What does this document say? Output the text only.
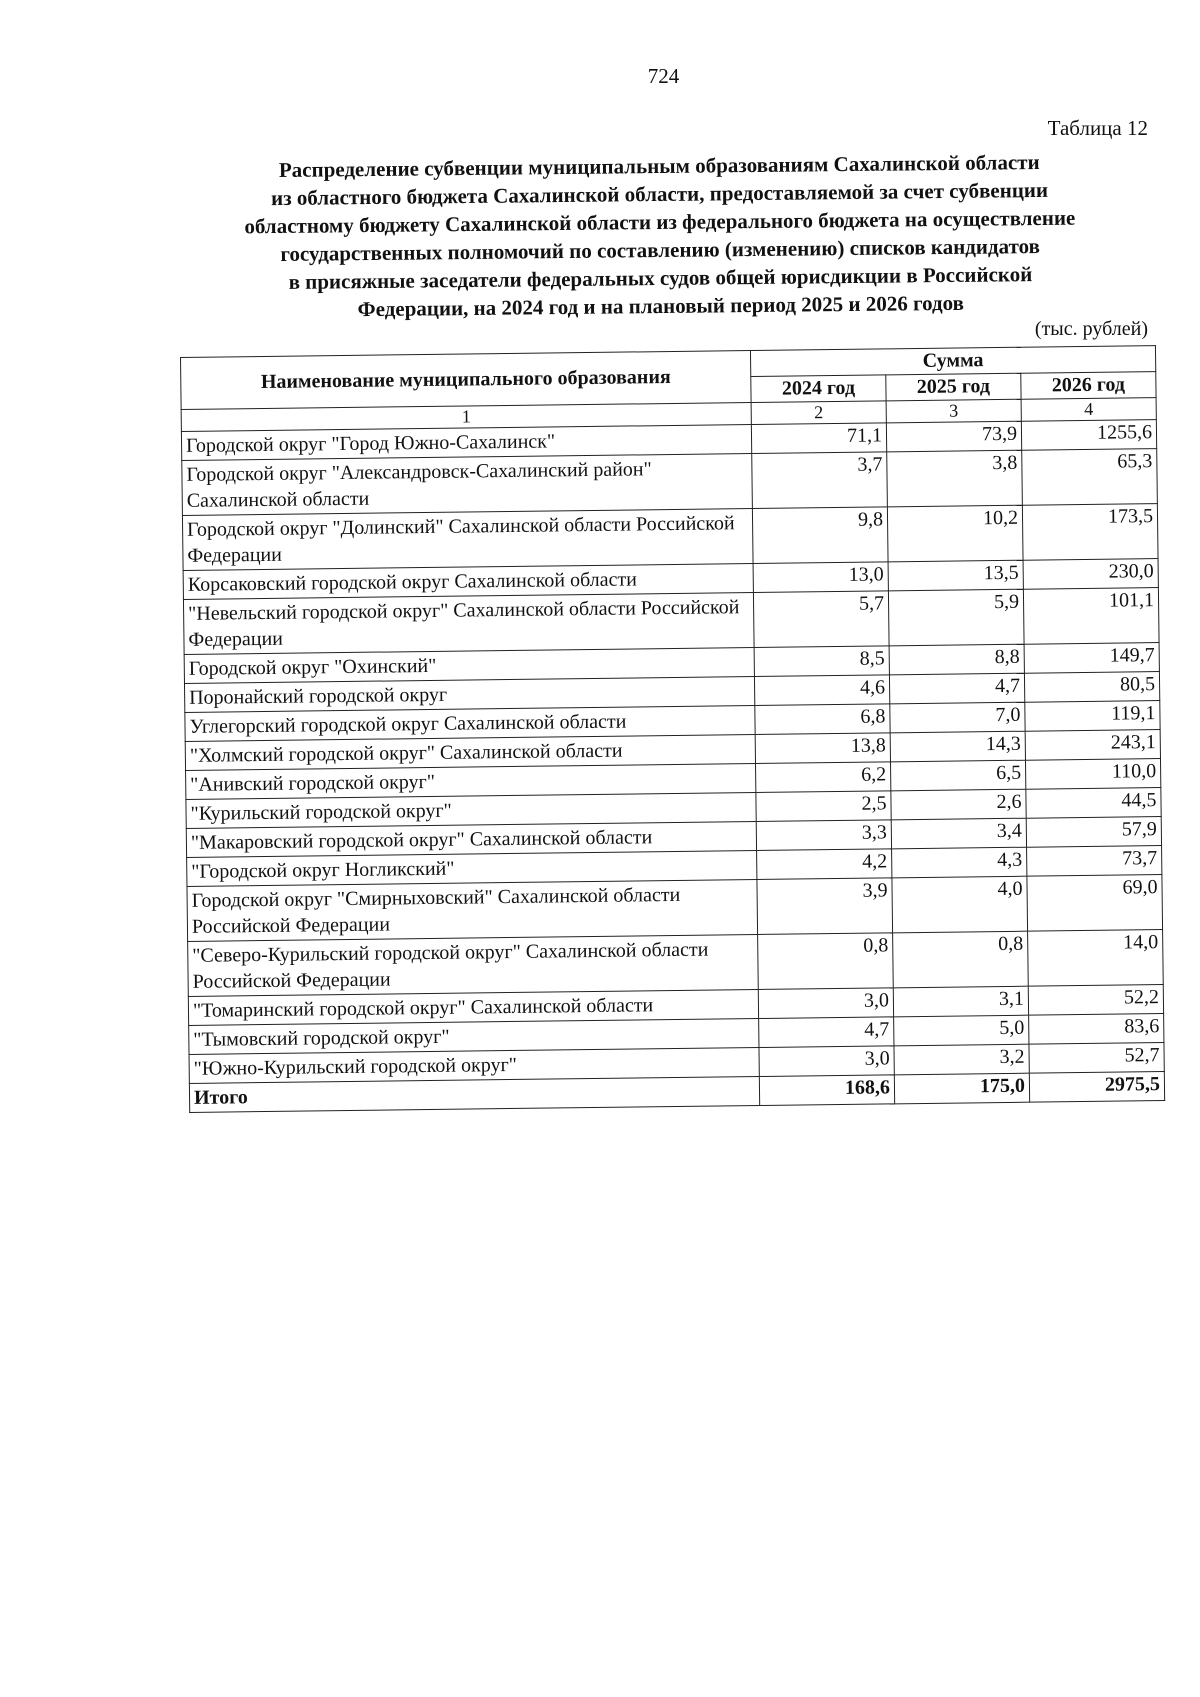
724
Таблица 12
Распределение субвенции муниципальным образованиям Сахалинской области
из областного бюджета Сахалинской области, предоставляемой за счет субвенции
областному бюджету Сахалинской области из федерального бюджета на осуществление
государственных полномочий по составлению (изменению) списков кандидатов
в присяжные заседатели федеральных судов общей юрисдикции в Российской
Федерации, на 2024 год и на плановый период 2025 и 2026 годов
(тыс. рублей)
Наименование муниципального образования	Сумма		
	2024 год	2025 год	2026 год
1	2	3	4
Городской округ "Город Южно-Сахалинск"	71,1	73,9	1255,6
Городской округ "Александровск-Сахалинский район" Сахалинской области	3,7	3,8	65,3
Городской округ "Долинский" Сахалинской области Российской Федерации	9,8	10,2	173,5
Корсаковский городской округ Сахалинской области	13,0	13,5	230,0
"Невельский городской округ" Сахалинской области Российской Федерации	5,7	5,9	101,1
Городской округ "Охинский"	8,5	8,8	149,7
Поронайский городской округ	4,6	4,7	80,5
Углегорский городской округ Сахалинской области	6,8	7,0	119,1
"Холмский городской округ" Сахалинской области	13,8	14,3	243,1
"Анивский городской округ"	6,2	6,5	110,0
"Курильский городской округ"	2,5	2,6	44,5
"Макаровский городской округ" Сахалинской области	3,3	3,4	57,9
"Городской округ Ногликский"	4,2	4,3	73,7
Городской округ "Смирныховский" Сахалинской области Российской Федерации	3,9	4,0	69,0
"Северо-Курильский городской округ" Сахалинской области Российской Федерации	0,8	0,8	14,0
"Томаринский городской округ" Сахалинской области	3,0	3,1	52,2
"Тымовский городской округ"	4,7	5,0	83,6
"Южно-Курильский городской округ"	3,0	3,2	52,7
Итого	168,6	175,0	2975,5
